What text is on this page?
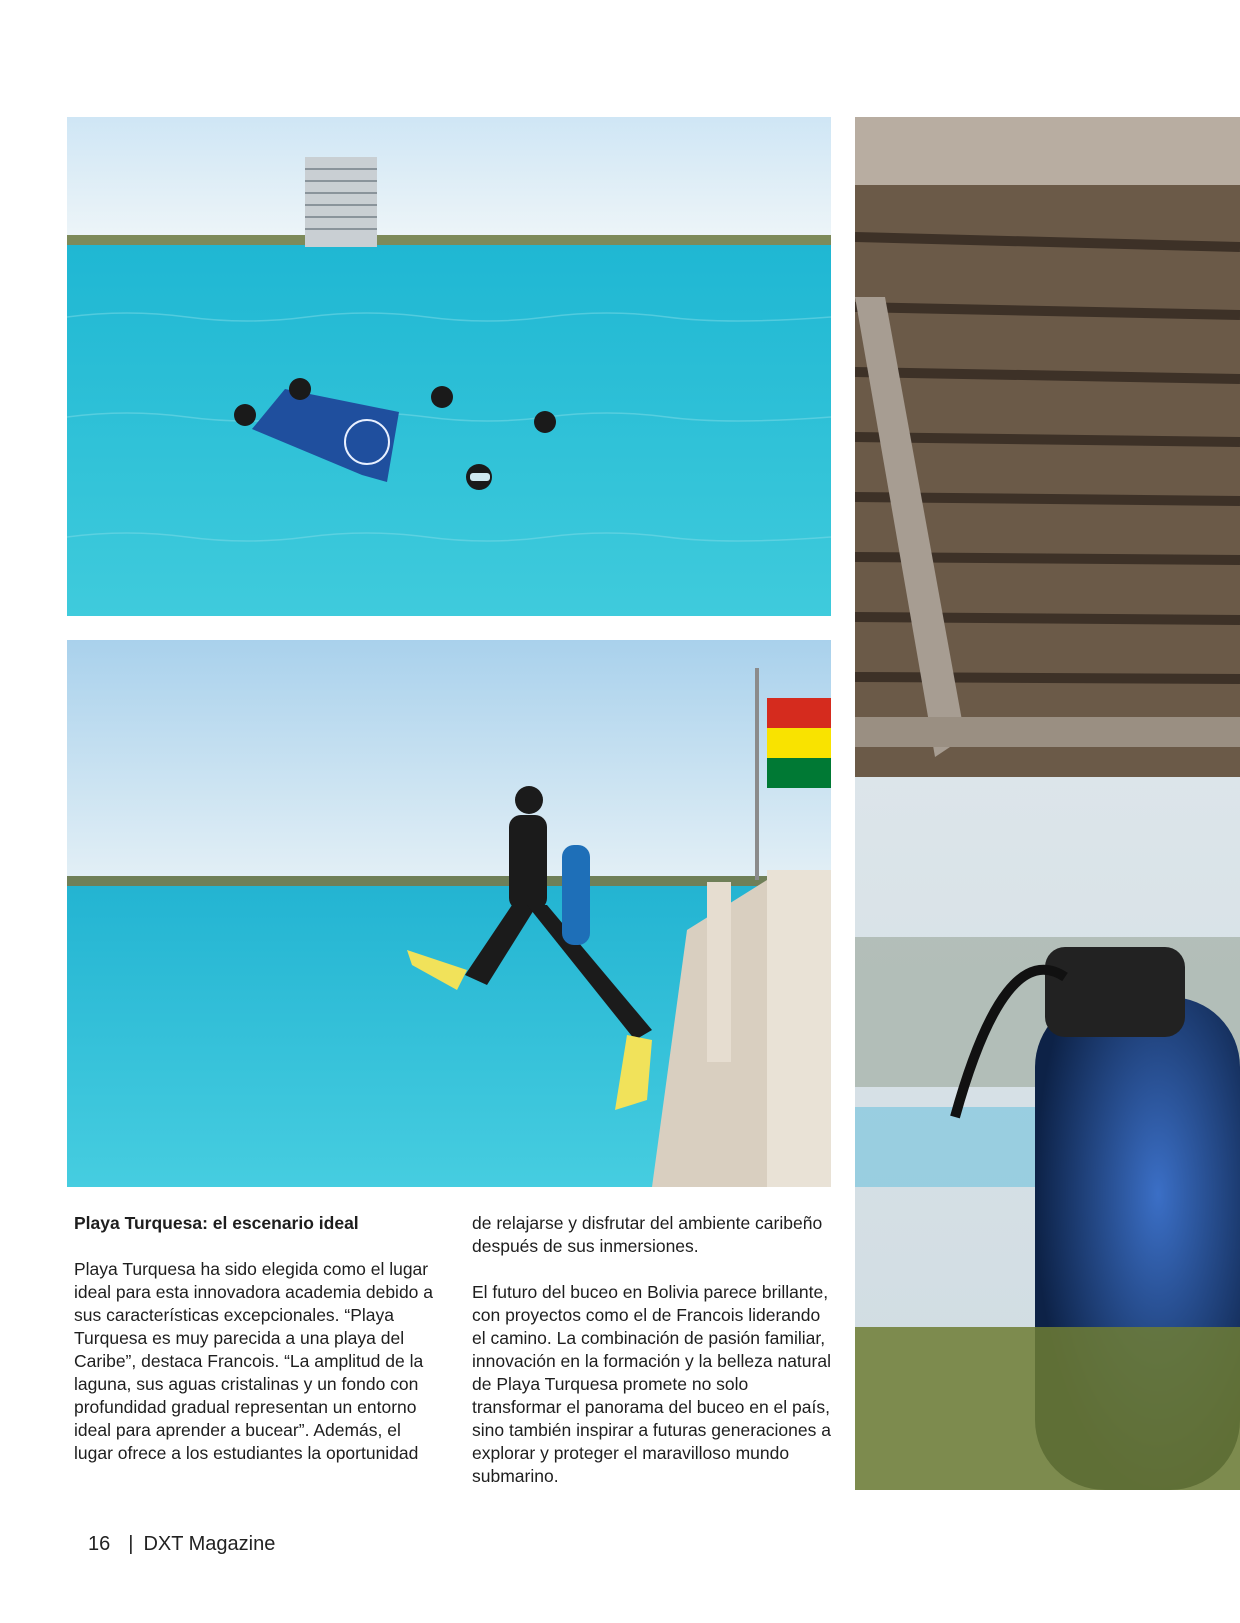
Playa Turquesa: el escenario ideal

Playa Turquesa ha sido elegida como el lugar ideal para esta innovadora academia debido a sus características excepcionales. “Playa Turquesa es muy parecida a una playa del Caribe”, destaca Francois. “La amplitud de la laguna, sus aguas cristalinas y un fondo con profundidad gradual representan un entorno ideal para aprender a bucear”. Además, el lugar ofrece a los estudiantes la oportunidad

de relajarse y disfrutar del ambiente caribeño después de sus inmersiones.

El futuro del buceo en Bolivia parece brillante, con proyectos como el de Francois liderando el camino. La combinación de pasión familiar, innovación en la formación y la belleza natural de Playa Turquesa promete no solo transformar el panorama del buceo en el país, sino también inspirar a futuras generaciones a explorar y proteger el maravilloso mundo submarino.

16 | DXT Magazine
